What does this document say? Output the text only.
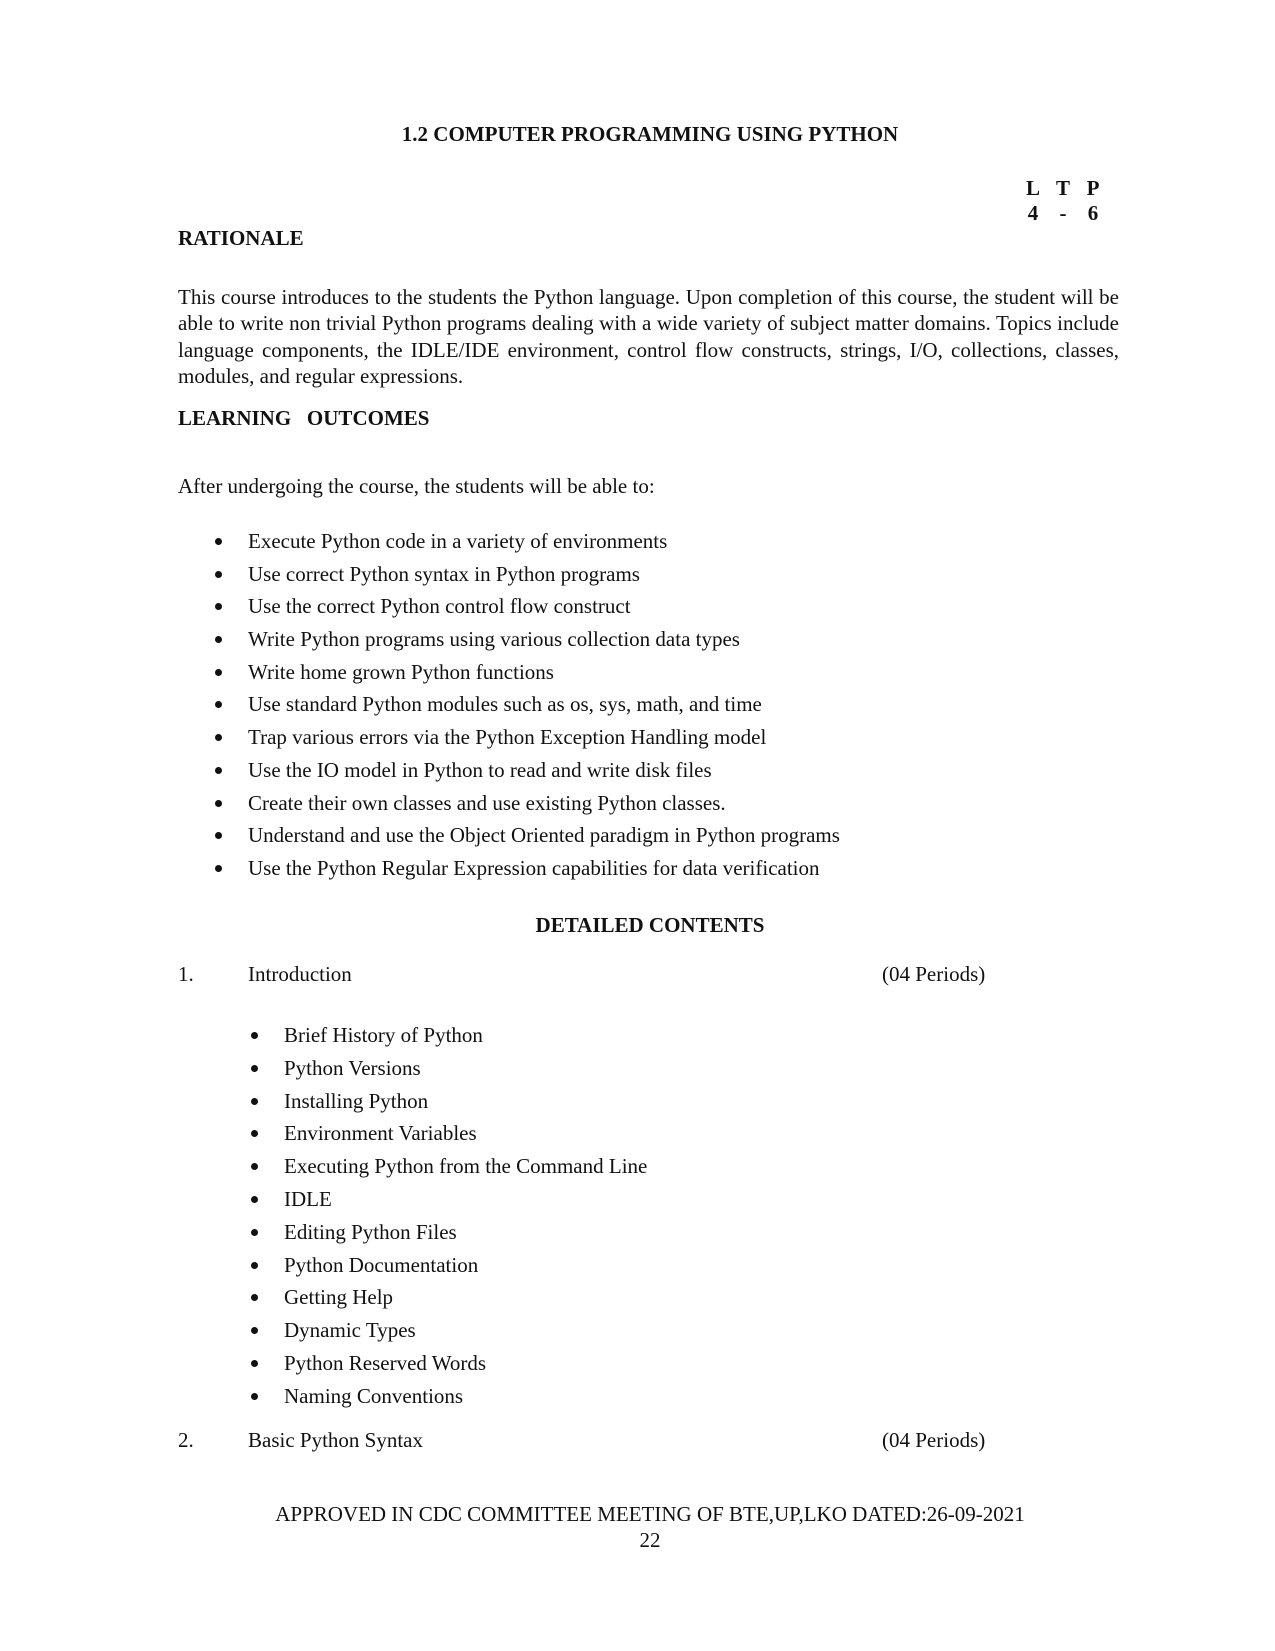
1.2 COMPUTER PROGRAMMING USING PYTHON
L T P
4 - 6
RATIONALE
This course introduces to the students the Python language. Upon completion of this course, the student will be able to write non trivial Python programs dealing with a wide variety of subject matter domains. Topics include language components, the IDLE/IDE environment, control flow constructs, strings, I/O, collections, classes, modules, and regular expressions.
LEARNING   OUTCOMES
After undergoing the course, the students will be able to:
Execute Python code in a variety of environments
Use correct Python syntax in Python programs
Use the correct Python control flow construct
Write Python programs using various collection data types
Write home grown Python functions
Use standard Python modules such as os, sys, math, and time
Trap various errors via the Python Exception Handling model
Use the IO model in Python to read and write disk files
Create their own classes and use existing Python classes.
Understand and use the Object Oriented paradigm in Python programs
Use the Python Regular Expression capabilities for data verification
DETAILED CONTENTS
1.	Introduction	(04 Periods)
Brief History of Python
Python Versions
Installing Python
Environment Variables
Executing Python from the Command Line
IDLE
Editing Python Files
Python Documentation
Getting Help
Dynamic Types
Python Reserved Words
Naming Conventions
2.	Basic Python Syntax	(04 Periods)
APPROVED IN CDC COMMITTEE MEETING OF BTE,UP,LKO DATED:26-09-2021
22
